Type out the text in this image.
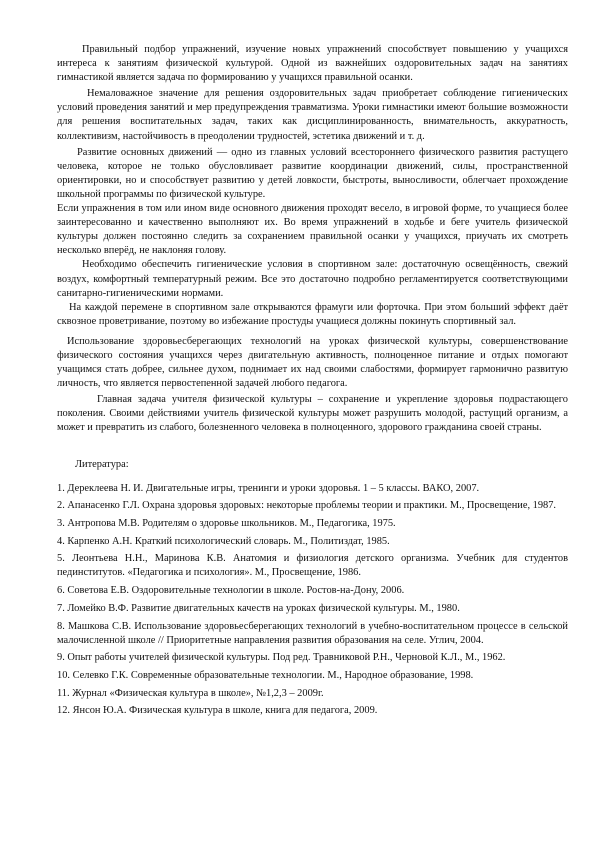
Правильный подбор упражнений, изучение новых упражнений способствует повышению у учащихся интереса к занятиям физической культурой. Одной из важнейших оздоровительных задач на занятиях гимнастикой является задача по формированию у учащихся правильной осанки.

Немаловажное значение для решения оздоровительных задач приобретает соблюдение гигиенических условий проведения занятий и мер предупреждения травматизма. Уроки гимнастики имеют большие возможности для решения воспитательных задач, таких как дисциплинированность, внимательность, аккуратность, коллективизм, настойчивость в преодолении трудностей, эстетика движений и т. д.

Развитие основных движений — одно из главных условий всестороннего физического развития растущего человека, которое не только обусловливает развитие координации движений, силы, пространственной ориентировки, но и способствует развитию у детей ловкости, быстроты, выносливости, облегчает прохождение школьной программы по физической культуре.

Если упражнения в том или ином виде основного движения проходят весело, в игровой форме, то учащиеся более заинтересованно и качественно выполняют их. Во время упражнений в ходьбе и беге учитель физической культуры должен постоянно следить за сохранением правильной осанки у учащихся, приучать их смотреть несколько вперёд, не наклоняя голову.

Необходимо обеспечить гигиенические условия в спортивном зале: достаточную освещённость, свежий воздух, комфортный температурный режим. Все это достаточно подробно регламентируется соответствующими санитарно-гигиеническими нормами.

На каждой перемене в спортивном зале открываются фрамуги или форточка. При этом больший эффект даёт сквозное проветривание, поэтому во избежание простуды учащиеся должны покинуть спортивный зал.

Использование здоровьесберегающих технологий на уроках физической культуры, совершенствование физического состояния учащихся через двигательную активность, полноценное питание и отдых помогают учащимся стать добрее, сильнее духом, поднимает их над своими слабостями, формирует гармонично развитую личность, что является первостепенной задачей любого педагога.

Главная задача учителя физической культуры – сохранение и укрепление здоровья подрастающего поколения. Своими действиями учитель физической культуры может разрушить молодой, растущий организм, а может и превратить из слабого, болезненного человека в полноценного, здорового гражданина своей страны.

Литература:

1. Дереклеева Н. И. Двигательные игры, тренинги и уроки здоровья. 1 – 5 классы. ВАКО, 2007.
2. Апанасенко Г.Л. Охрана здоровья здоровых: некоторые проблемы теории и практики. М., Просвещение, 1987.
3. Антропова М.В. Родителям о здоровье школьников. М., Педагогика, 1975.
4. Карпенко А.Н. Краткий психологический словарь. М., Политиздат, 1985.
5. Леонтьева Н.Н., Маринова К.В. Анатомия и физиология детского организма. Учебник для студентов пединститутов. «Педагогика и психология». М., Просвещение, 1986.
6. Советова Е.В. Оздоровительные технологии в школе. Ростов-на-Дону, 2006.
7. Ломейко В.Ф. Развитие двигательных качеств на уроках физической культуры. М., 1980.
8. Машкова С.В. Использование здоровьесберегающих технологий в учебно-воспитательном процессе в сельской малочисленной школе // Приоритетные направления развития образования на селе. Углич, 2004.
9. Опыт работы учителей физической культуры. Под ред. Травниковой Р.Н., Черновой К.Л., М., 1962.
10. Селевко Г.К. Современные образовательные технологии. М., Народное образование, 1998.
11. Журнал «Физическая культура в школе», №1,2,3 – 2009г.
12. Янсон Ю.А. Физическая культура в школе, книга для педагога, 2009.
